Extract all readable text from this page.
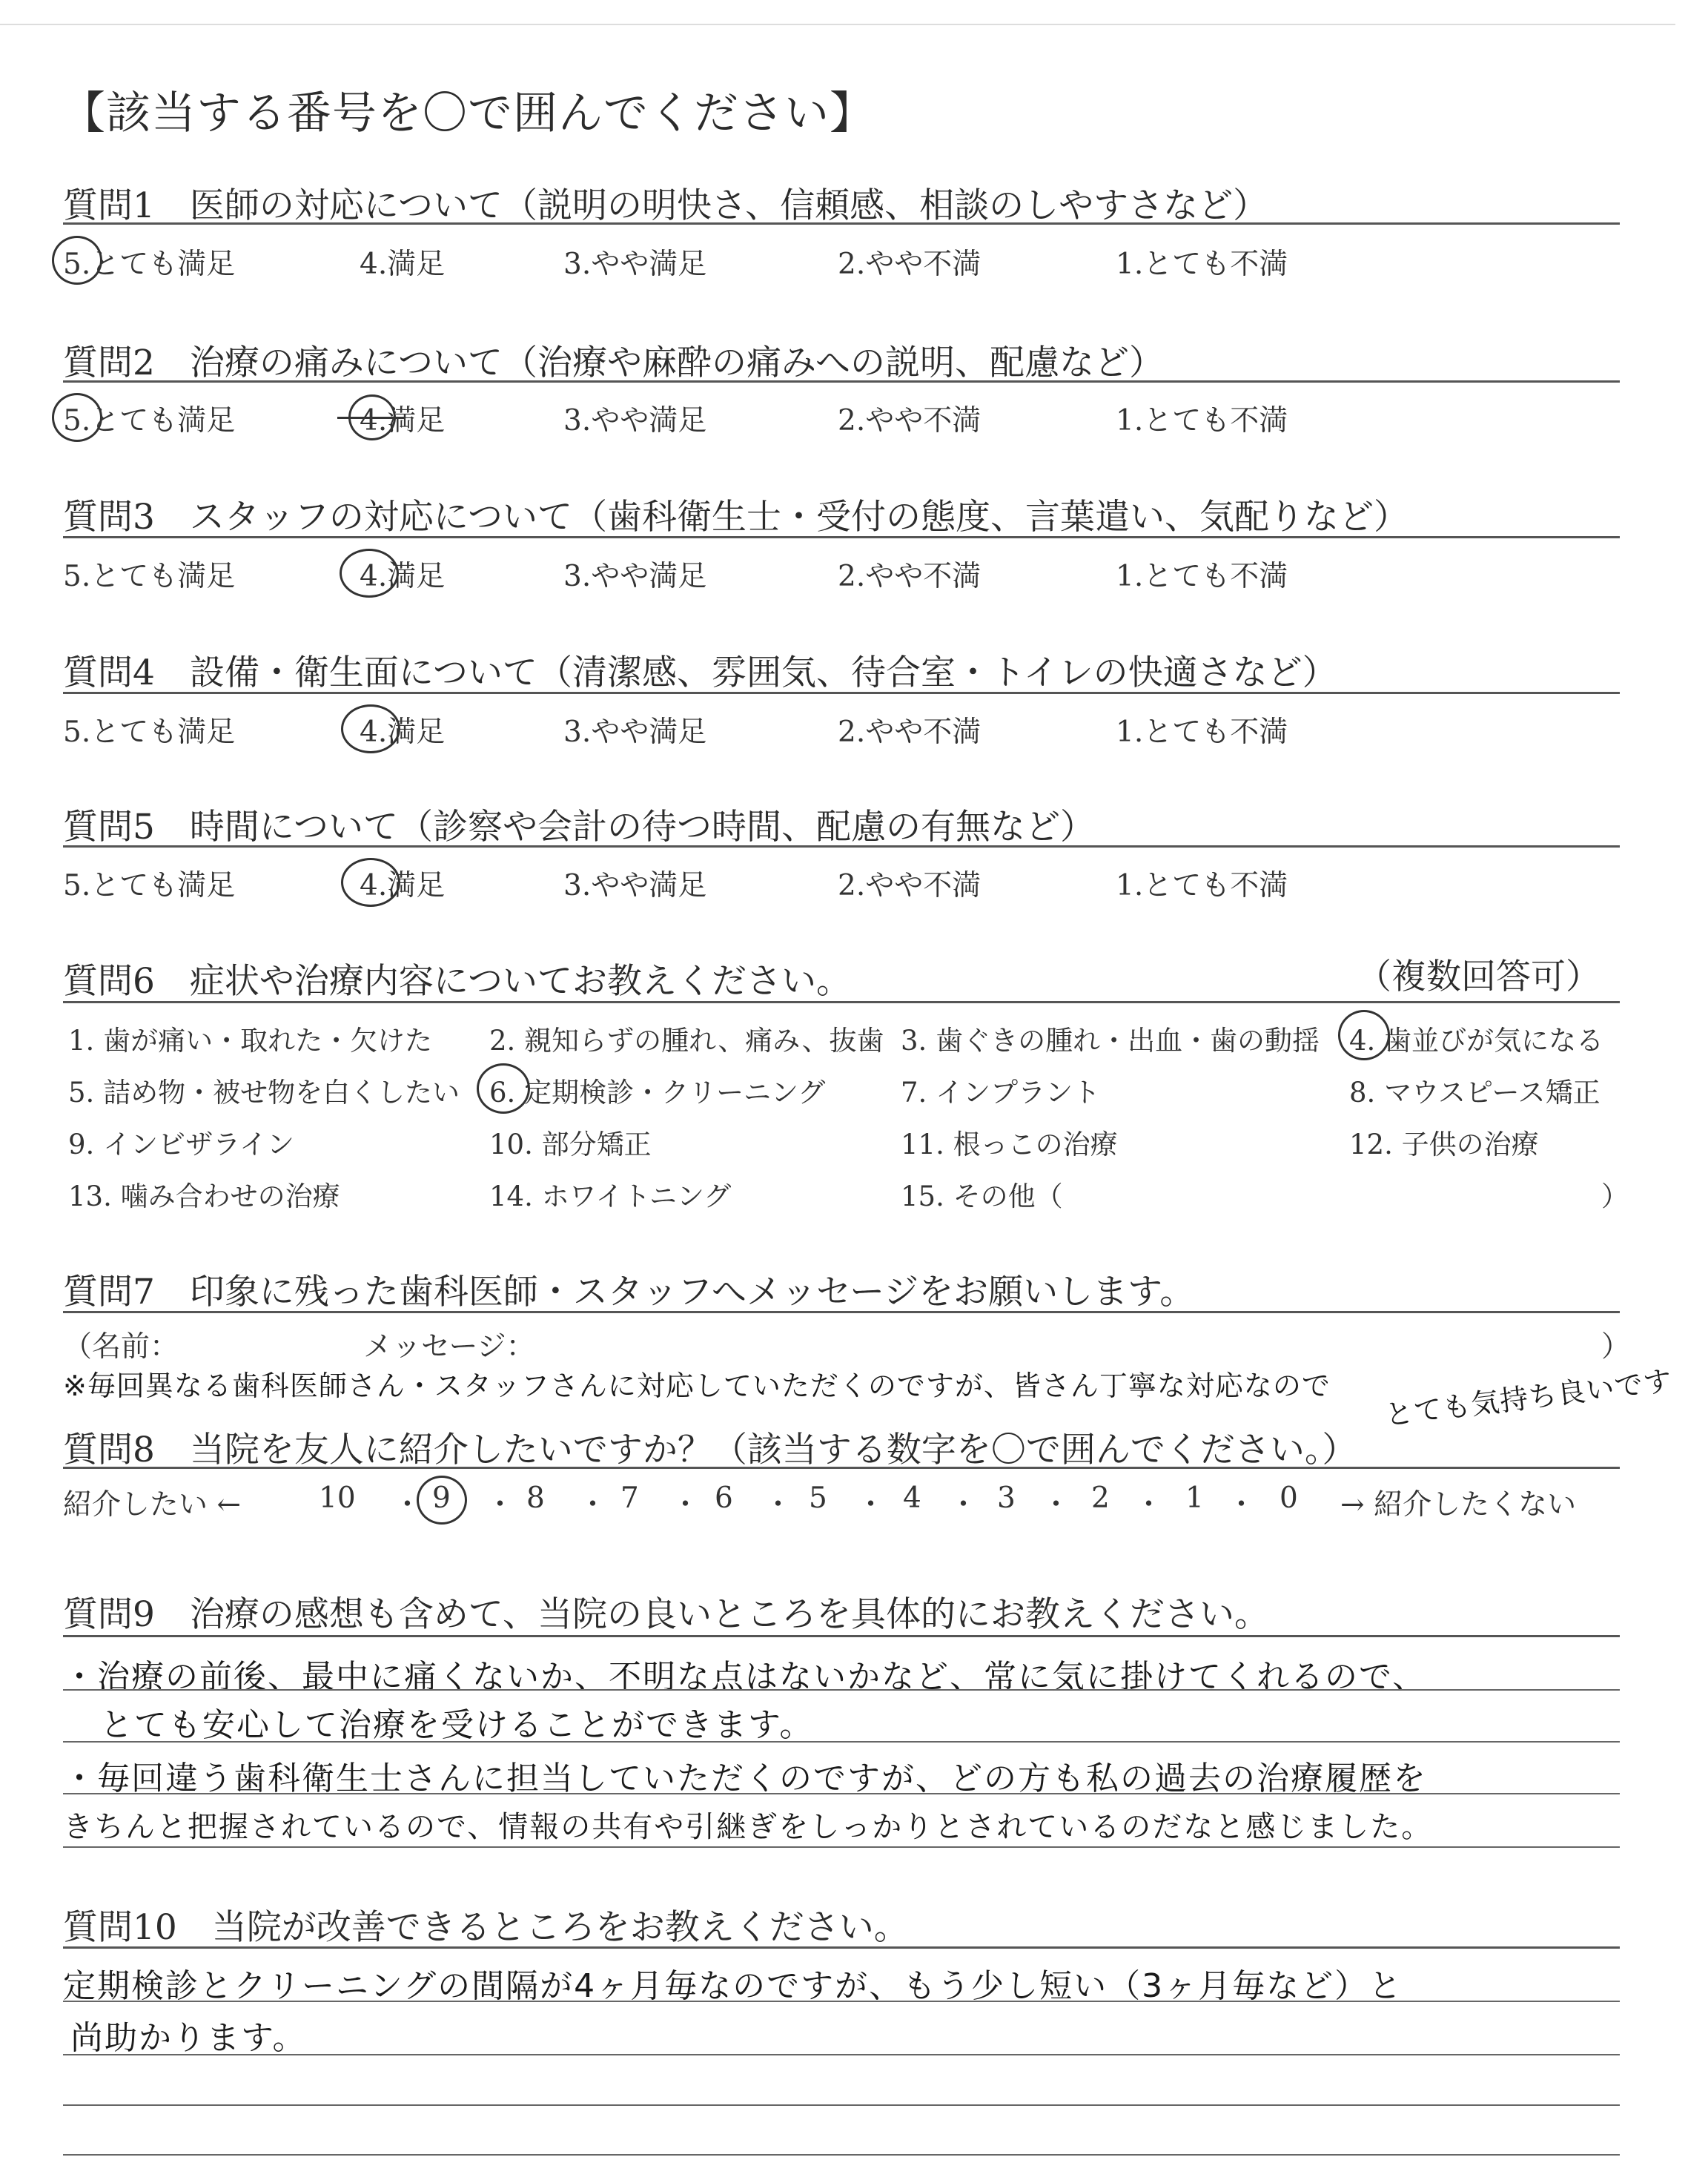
【該当する番号を〇で囲んでください】
質問1　医師の対応について（説明の明快さ、信頼感、相談のしやすさなど）
5.とても満足	4.満足	3.やや満足	2.やや不満	1.とても不満
質問2　治療の痛みについて（治療や麻酔の痛みへの説明、配慮など）
5.とても満足	4.満足	3.やや満足	2.やや不満	1.とても不満
質問3　スタッフの対応について（歯科衛生士・受付の態度、言葉遣い、気配りなど）
5.とても満足	4.満足	3.やや満足	2.やや不満	1.とても不満
質問4　設備・衛生面について（清潔感、雰囲気、待合室・トイレの快適さなど）
5.とても満足	4.満足	3.やや満足	2.やや不満	1.とても不満
質問5　時間について（診察や会計の待つ時間、配慮の有無など）
5.とても満足	4.満足	3.やや満足	2.やや不満	1.とても不満
質問6　症状や治療内容についてお教えください。	（複数回答可）
1. 歯が痛い・取れた・欠けた 2. 親知らずの腫れ、痛み、抜歯 3. 歯ぐきの腫れ・出血・歯の動揺 4. 歯並びが気になる
5. 詰め物・被せ物を白くしたい 6. 定期検診・クリーニング	7. インプラント	8. マウスピース矯正
9. インビザライン	10. 部分矯正	11. 根っこの治療	12. 子供の治療
13. 噛み合わせの治療	14. ホワイトニング	15. その他（	）
質問7　印象に残った歯科医師・スタッフへメッセージをお願いします。
（名前：	メッセージ：	）
※毎回異なる歯科医師さん・スタッフさんに対応していただくのですが、皆さん丁寧な対応なので とても気持ち良いです
質問8　当院を友人に紹介したいですか？（該当する数字を〇で囲んでください。）
紹介したい ←	10 ・ 9 ・ 8 ・ 7 ・ 6 ・ 5 ・ 4 ・ 3 ・ 2 ・ 1 ・ 0 → 紹介したくない
質問9　治療の感想も含めて、当院の良いところを具体的にお教えください。
・治療の前後、最中に痛くないか、不明な点はないかなど、常に気に掛けてくれるので、
とても安心して治療を受けることができます。
・毎回違う歯科衛生士さんに担当していただくのですが、どの方も私の過去の治療履歴を
きちんと把握されているので、情報の共有や引継ぎをしっかりとされているのだなと感じました。
質問10　当院が改善できるところをお教えください。
定期検診とクリーニングの間隔が4ヶ月毎なのですが、もう少し短い（3ヶ月毎など）と
尚助かります。
